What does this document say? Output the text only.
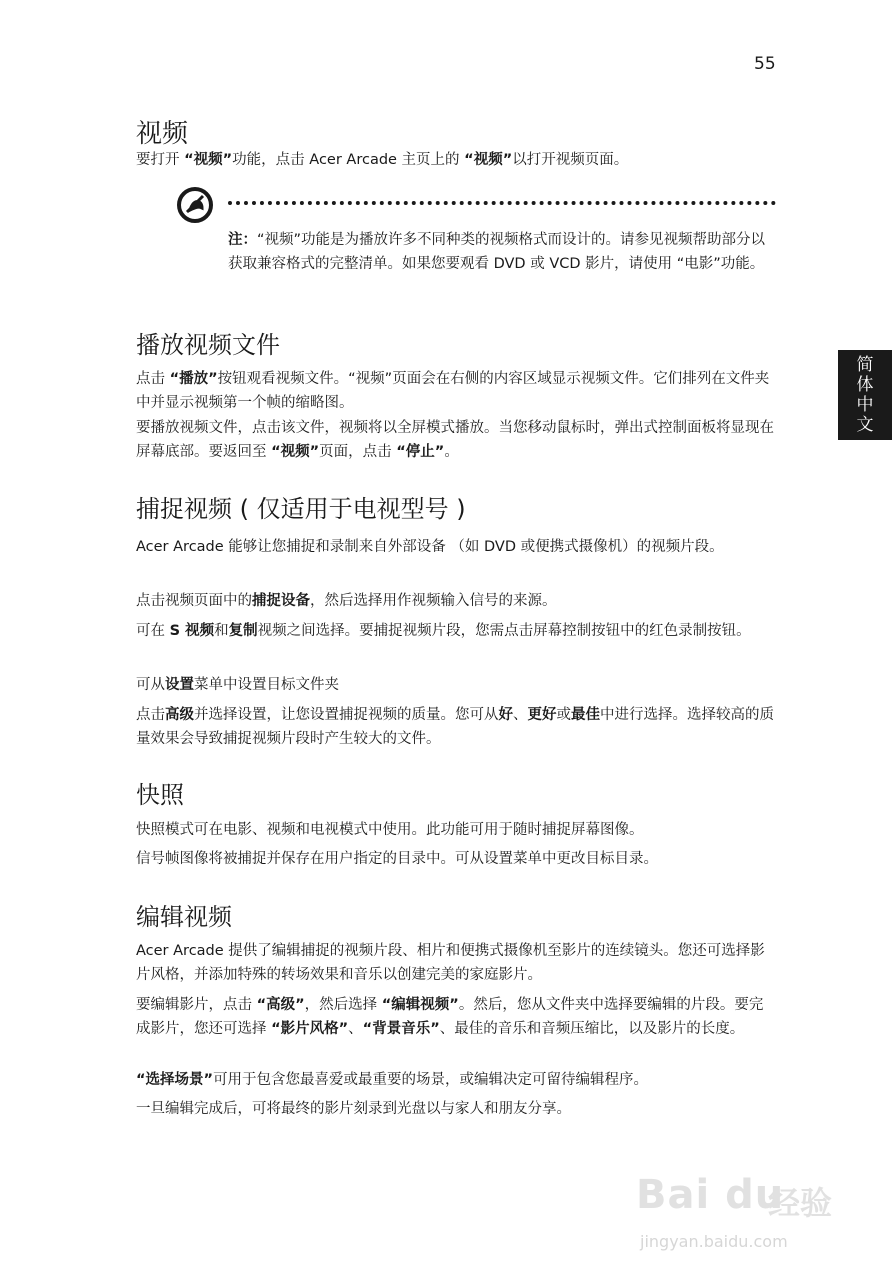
55
简
体
中
文
视频

要打开 “视频”功能，点击 Acer Arcade 主页上的 “视频”以打开视频页面。

注：“视频”功能是为播放许多不同种类的视频格式而设计的。请参见视频帮助部分以获取兼容格式的完整清单。如果您要观看 DVD 或 VCD 影片，请使用 “电影”功能。

播放视频文件

点击 “播放”按钮观看视频文件。“视频”页面会在右侧的内容区域显示视频文件。它们排列在文件夹中并显示视频第一个帧的缩略图。

要播放视频文件，点击该文件，视频将以全屏模式播放。当您移动鼠标时，弹出式控制面板将显现在屏幕底部。要返回至 “视频”页面，点击 “停止”。

捕捉视频 ( 仅适用于电视型号 )

Acer Arcade 能够让您捕捉和录制来自外部设备 （如 DVD 或便携式摄像机）的视频片段。

点击视频页面中的捕捉设备，然后选择用作视频输入信号的来源。

可在 S 视频和复制视频之间选择。要捕捉视频片段，您需点击屏幕控制按钮中的红色录制按钮。

可从设置菜单中设置目标文件夹

点击高级并选择设置，让您设置捕捉视频的质量。您可从好、更好或最佳中进行选择。选择较高的质量效果会导致捕捉视频片段时产生较大的文件。

快照

快照模式可在电影、视频和电视模式中使用。此功能可用于随时捕捉屏幕图像。

信号帧图像将被捕捉并保存在用户指定的目录中。可从设置菜单中更改目标目录。

编辑视频

Acer Arcade 提供了编辑捕捉的视频片段、相片和便携式摄像机至影片的连续镜头。您还可选择影片风格，并添加特殊的转场效果和音乐以创建完美的家庭影片。

要编辑影片，点击 “高级”，然后选择 “编辑视频”。然后，您从文件夹中选择要编辑的片段。要完成影片，您还可选择 “影片风格”、“背景音乐”、最佳的音乐和音频压缩比，以及影片的长度。

“选择场景”可用于包含您最喜爱或最重要的场景，或编辑决定可留待编辑程序。

一旦编辑完成后，可将最终的影片刻录到光盘以与家人和朋友分享。

Bai du
经验
jingyan.baidu.com
